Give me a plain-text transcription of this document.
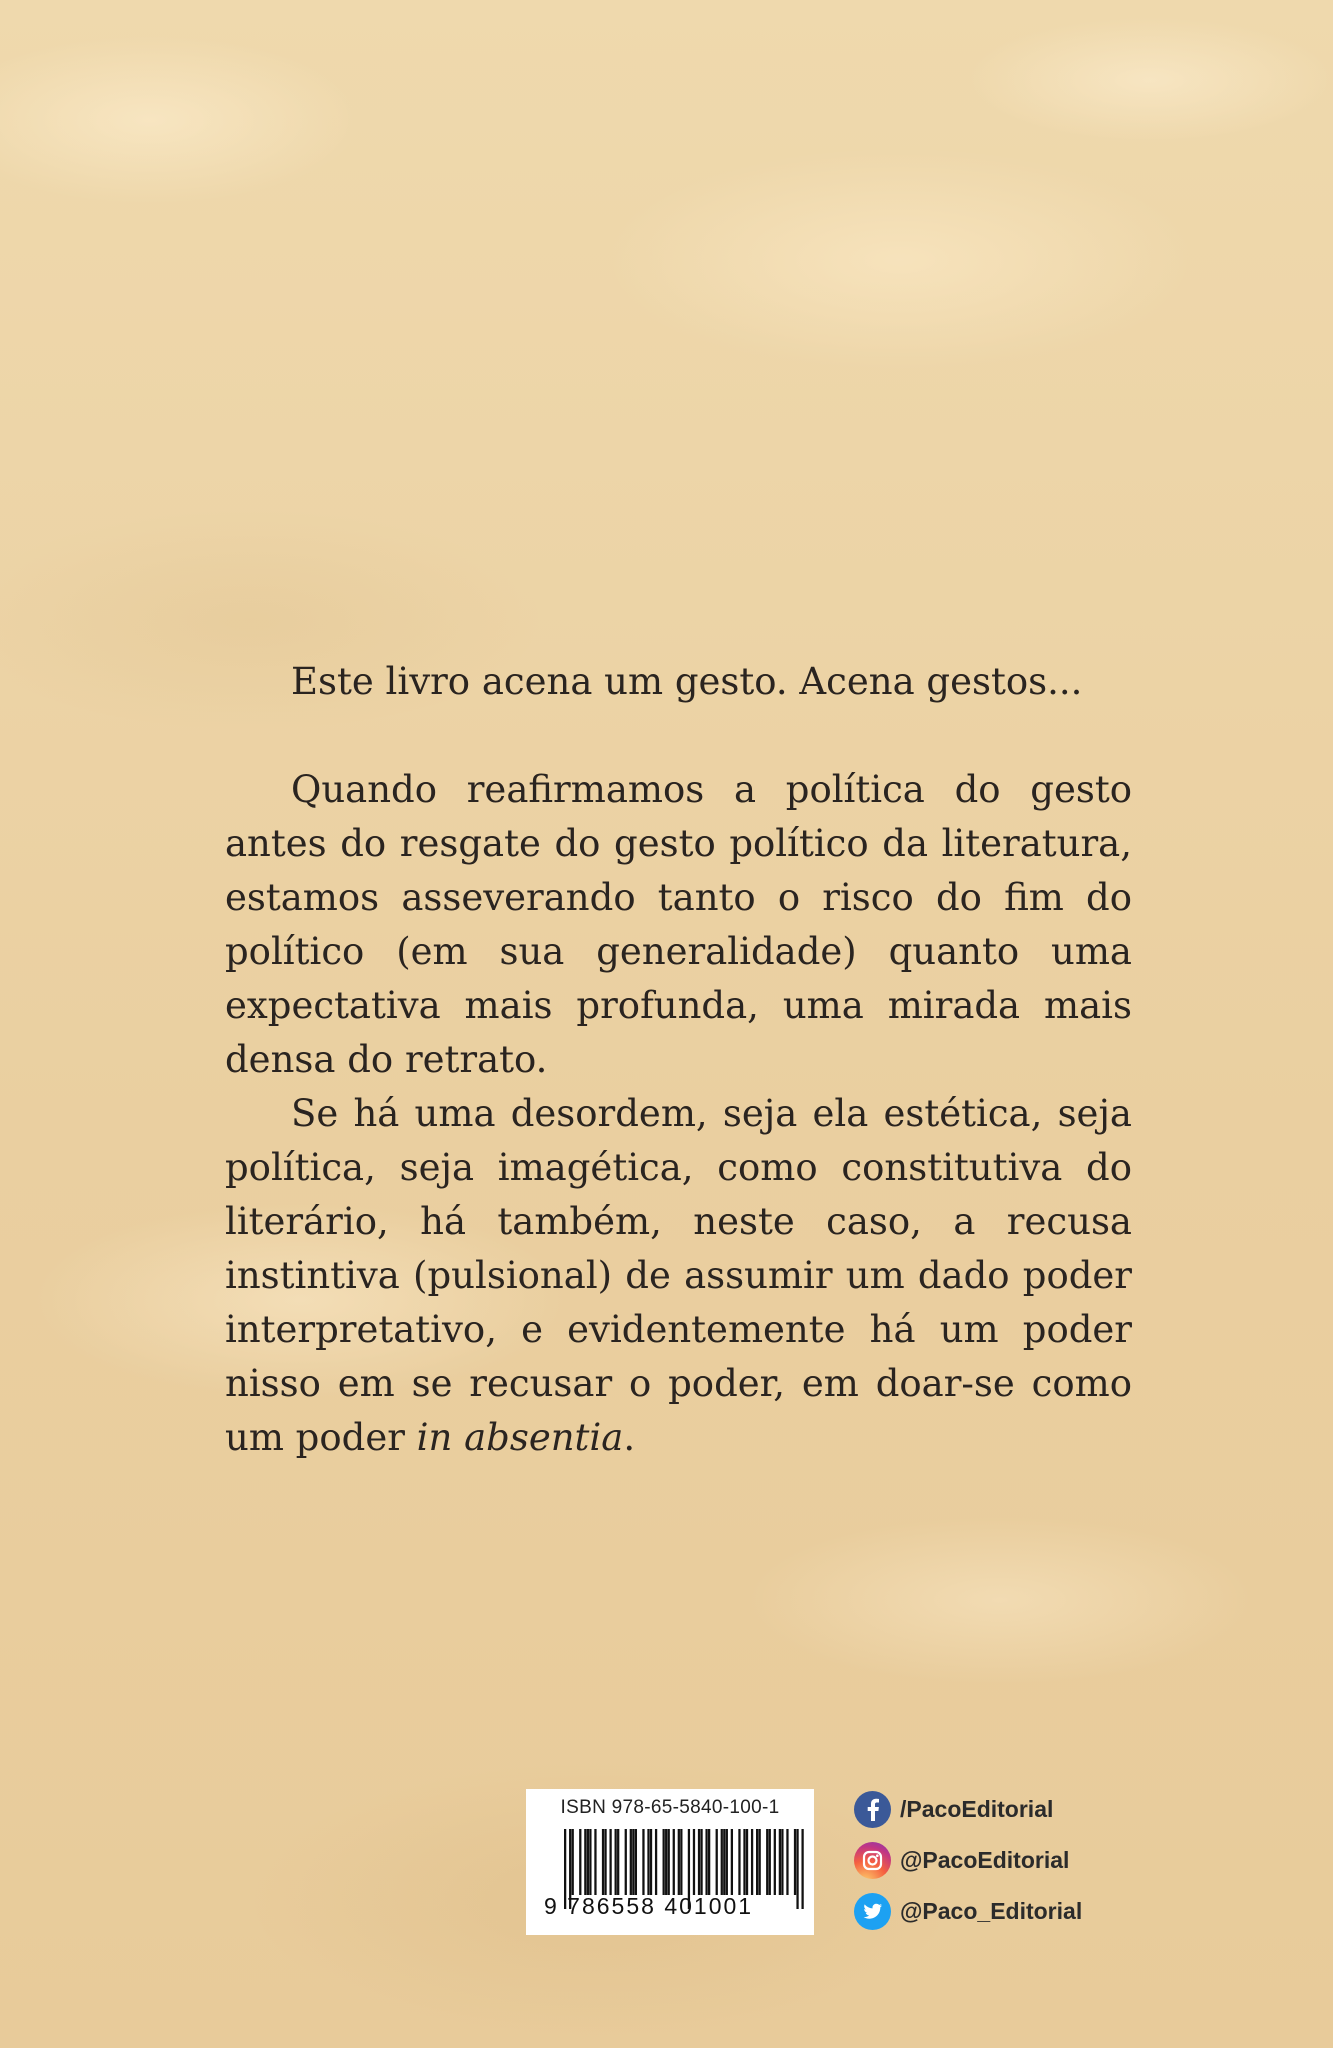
Este livro acena um gesto. Acena gestos...

Quando reafirmamos a política do gesto antes do resgate do gesto político da literatura, estamos asseverando tanto o risco do fim do político (em sua generalidade) quanto uma expectativa mais profunda, uma mirada mais densa do retrato.

Se há uma desordem, seja ela estética, seja política, seja imagética, como constitutiva do literário, há também, neste caso, a recusa instintiva (pulsional) de assumir um dado poder interpretativo, e evidentemente há um poder nisso em se recusar o poder, em doar-se como um poder in absentia.

ISBN 978-65-5840-100-1
9 786558 401001
/PacoEditorial
@PacoEditorial
@Paco_Editorial
